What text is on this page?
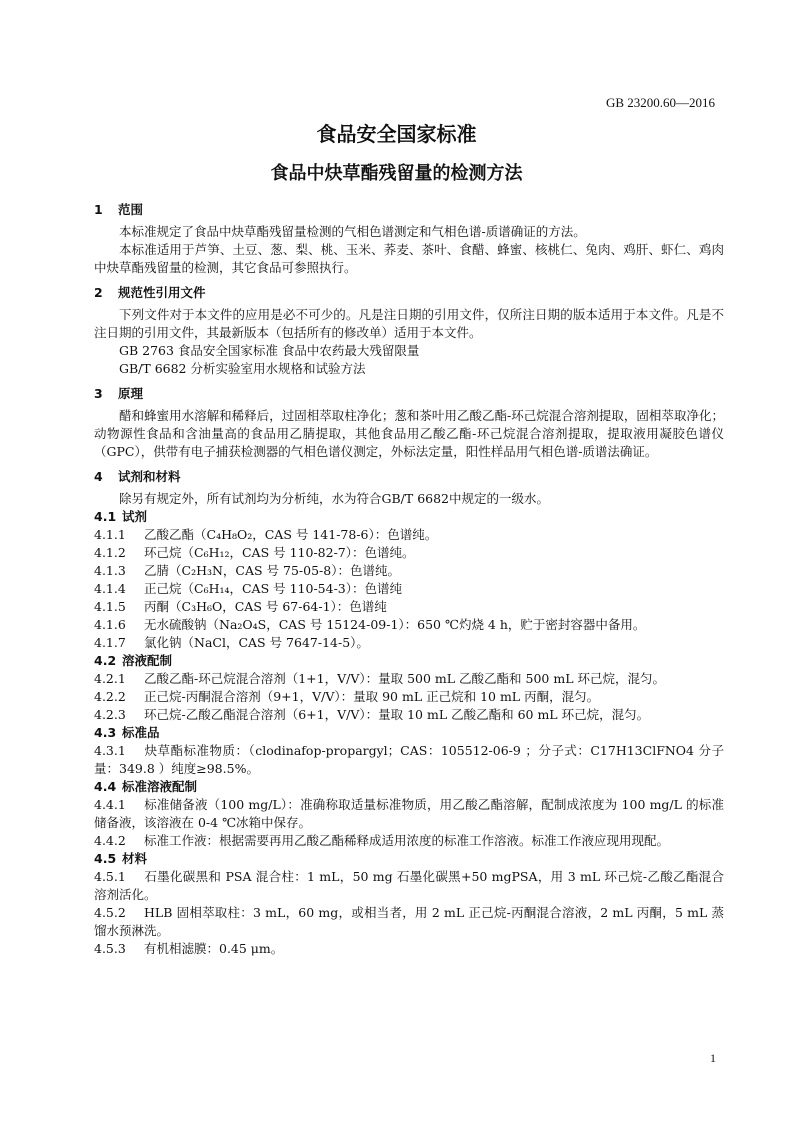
GB 23200.60—2016
食品安全国家标准
食品中炔草酯残留量的检测方法
1 范围

本标准规定了食品中炔草酯残留量检测的气相色谱测定和气相色谱-质谱确证的方法。

本标准适用于芦笋、土豆、葱、梨、桃、玉米、荞麦、茶叶、食醋、蜂蜜、核桃仁、兔肉、鸡肝、虾仁、鸡肉中炔草酯残留量的检测，其它食品可参照执行。

2 规范性引用文件

下列文件对于本文件的应用是必不可少的。凡是注日期的引用文件，仅所注日期的版本适用于本文件。凡是不注日期的引用文件，其最新版本（包括所有的修改单）适用于本文件。

GB 2763 食品安全国家标准 食品中农药最大残留限量

GB/T 6682 分析实验室用水规格和试验方法

3 原理

醋和蜂蜜用水溶解和稀释后，过固相萃取柱净化；葱和茶叶用乙酸乙酯-环己烷混合溶剂提取，固相萃取净化；动物源性食品和含油量高的食品用乙腈提取，其他食品用乙酸乙酯-环己烷混合溶剂提取，提取液用凝胶色谱仪（GPC），供带有电子捕获检测器的气相色谱仪测定，外标法定量，阳性样品用气相色谱-质谱法确证。

4 试剂和材料

除另有规定外，所有试剂均为分析纯，水为符合GB/T 6682中规定的一级水。

4.1 试剂

4.1.1 乙酸乙酯（C₄H₈O₂，CAS 号 141-78-6）：色谱纯。

4.1.2 环己烷（C₆H₁₂，CAS 号 110-82-7）：色谱纯。

4.1.3 乙腈（C₂H₃N，CAS 号 75-05-8）：色谱纯。

4.1.4 正己烷（C₆H₁₄，CAS 号 110-54-3）：色谱纯

4.1.5 丙酮（C₃H₆O，CAS 号 67-64-1）：色谱纯

4.1.6 无水硫酸钠（Na₂O₄S，CAS 号 15124-09-1）：650 ℃灼烧 4 h，贮于密封容器中备用。

4.1.7 氯化钠（NaCl，CAS 号 7647-14-5）。

4.2 溶液配制

4.2.1 乙酸乙酯-环己烷混合溶剂（1+1，V/V）：量取 500 mL 乙酸乙酯和 500 mL 环己烷，混匀。

4.2.2 正己烷-丙酮混合溶剂（9+1，V/V）：量取 90 mL 正己烷和 10 mL 丙酮，混匀。

4.2.3 环己烷-乙酸乙酯混合溶剂（6+1，V/V）：量取 10 mL 乙酸乙酯和 60 mL 环己烷，混匀。

4.3 标准品

4.3.1 炔草酯标准物质：（clodinafop-propargyl；CAS：105512-06-9 ；分子式：C17H13ClFNO4 分子量：349.8 ）纯度≥98.5%。

4.4 标准溶液配制

4.4.1 标准储备液（100 mg/L）：准确称取适量标准物质，用乙酸乙酯溶解，配制成浓度为 100 mg/L 的标准储备液，该溶液在 0-4 ℃冰箱中保存。

4.4.2 标准工作液：根据需要再用乙酸乙酯稀释成适用浓度的标准工作溶液。标准工作液应现用现配。

4.5 材料

4.5.1 石墨化碳黑和 PSA 混合柱：1 mL，50 mg 石墨化碳黑+50 mgPSA，用 3 mL 环己烷-乙酸乙酯混合溶剂活化。

4.5.2 HLB 固相萃取柱：3 mL，60 mg，或相当者，用 2 mL 正己烷-丙酮混合溶液，2 mL 丙酮，5 mL 蒸馏水预淋洗。

4.5.3 有机相滤膜：0.45 μm。

1
